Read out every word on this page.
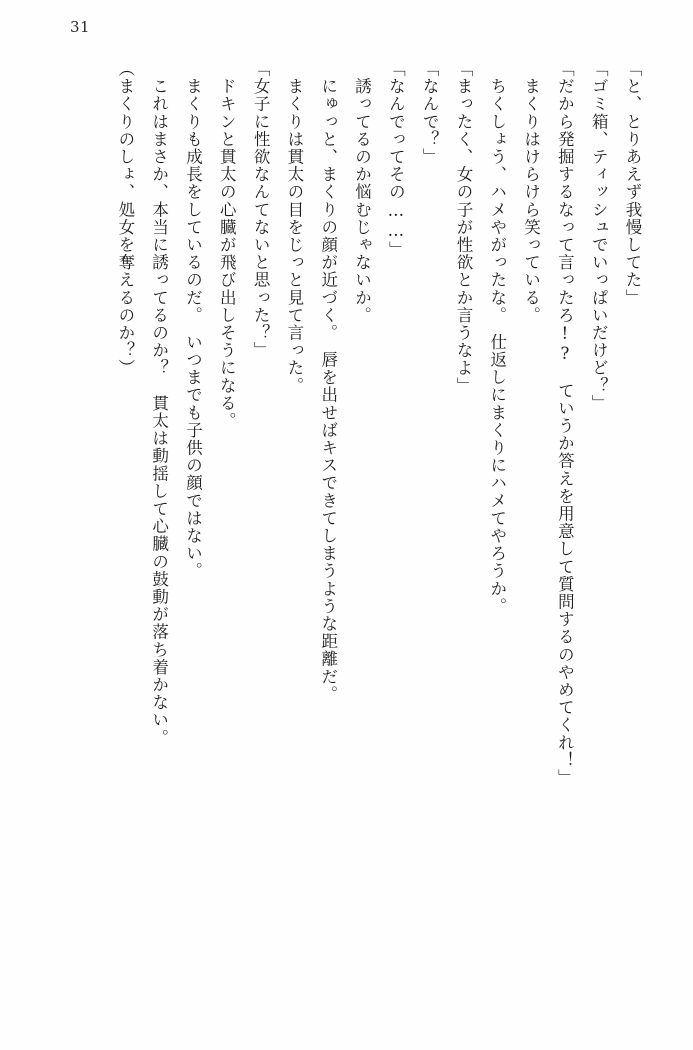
31

「と、とりあえず我慢してた」

「ゴミ箱、ティッシュでいっぱいだけど？」

「だから発掘するなって言ったろ!?　ていうか答えを用意して質問するのやめてくれ！」

　まくりはけらけら笑っている。

　ちくしょう、ハメやがったな。　仕返しにまくりにハメてやろうか。

「まったく、女の子が性欲とか言うなよ」

「なんで？」

「なんでってその……」

　誘ってるのか悩むじゃないか。

　にゅっと、まくりの顔が近づく。　唇を出せばキスできてしまうような距離だ。

　まくりは貫太の目をじっと見て言った。

「女子に性欲なんてないと思った？」

　ドキンと貫太の心臓が飛び出しそうになる。

　まくりも成長をしているのだ。　いつまでも子供の顔ではない。

　これはまさか、本当に誘ってるのか？　貫太は動揺して心臓の鼓動が落ち着かない。

（まくりのしょ、処女を奪えるのか？）
